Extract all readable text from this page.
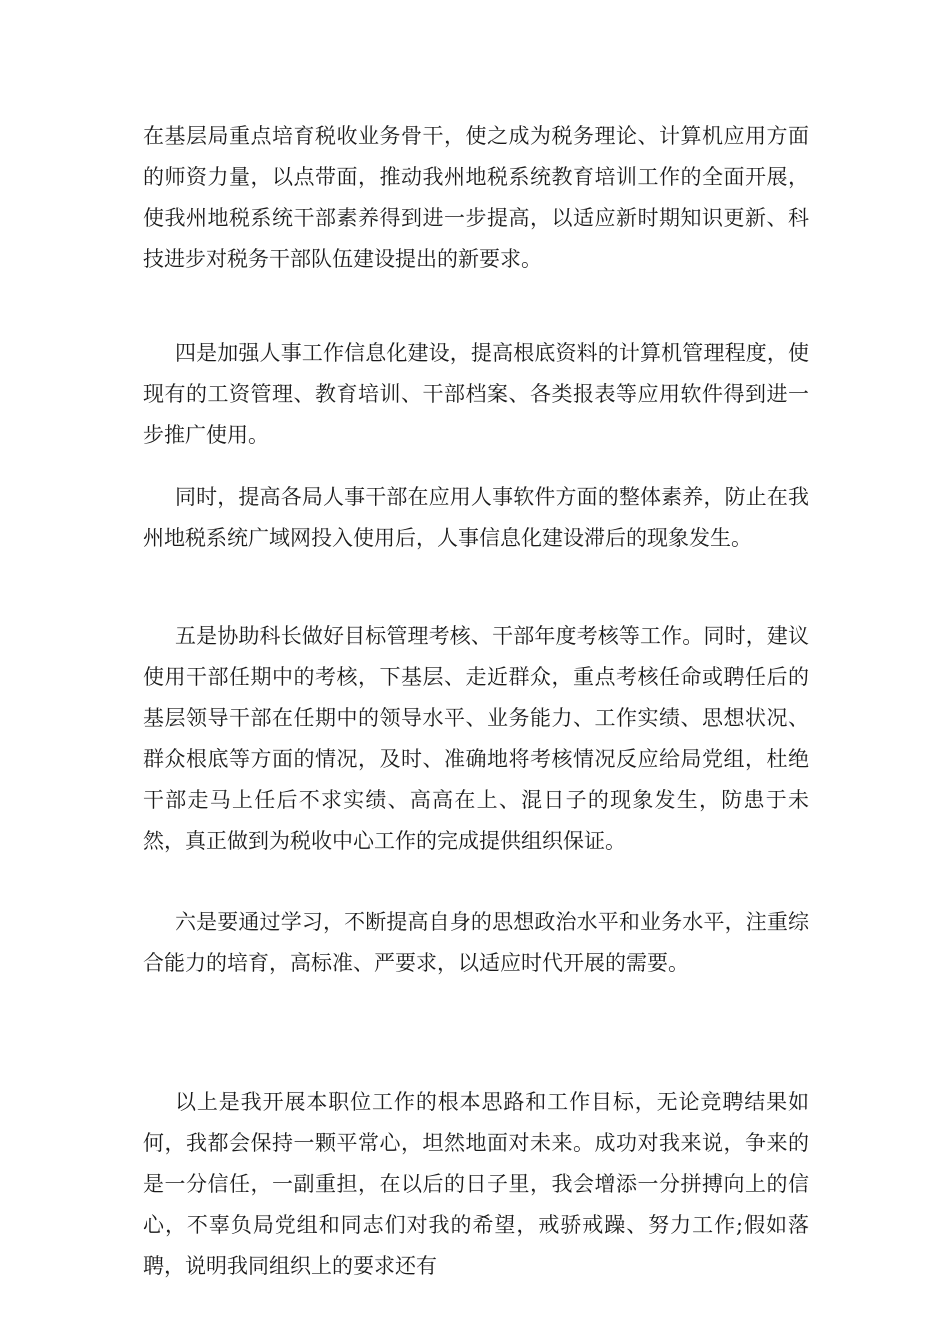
在基层局重点培育税收业务骨干，使之成为税务理论、计算机应用方面的师资力量，以点带面，推动我州地税系统教育培训工作的全面开展，使我州地税系统干部素养得到进一步提高，以适应新时期知识更新、科技进步对税务干部队伍建设提出的新要求。

四是加强人事工作信息化建设，提高根底资料的计算机管理程度，使现有的工资管理、教育培训、干部档案、各类报表等应用软件得到进一步推广使用。

同时，提高各局人事干部在应用人事软件方面的整体素养，防止在我州地税系统广域网投入使用后，人事信息化建设滞后的现象发生。

五是协助科长做好目标管理考核、干部年度考核等工作。同时，建议使用干部任期中的考核，下基层、走近群众，重点考核任命或聘任后的基层领导干部在任期中的领导水平、业务能力、工作实绩、思想状况、群众根底等方面的情况，及时、准确地将考核情况反应给局党组，杜绝干部走马上任后不求实绩、高高在上、混日子的现象发生，防患于未然，真正做到为税收中心工作的完成提供组织保证。

六是要通过学习，不断提高自身的思想政治水平和业务水平，注重综合能力的培育，高标准、严要求，以适应时代开展的需要。

以上是我开展本职位工作的根本思路和工作目标，无论竞聘结果如何，我都会保持一颗平常心，坦然地面对未来。成功对我来说，争来的是一分信任，一副重担，在以后的日子里，我会增添一分拼搏向上的信心，不辜负局党组和同志们对我的希望，戒骄戒躁、努力工作;假如落聘，说明我同组织上的要求还有
